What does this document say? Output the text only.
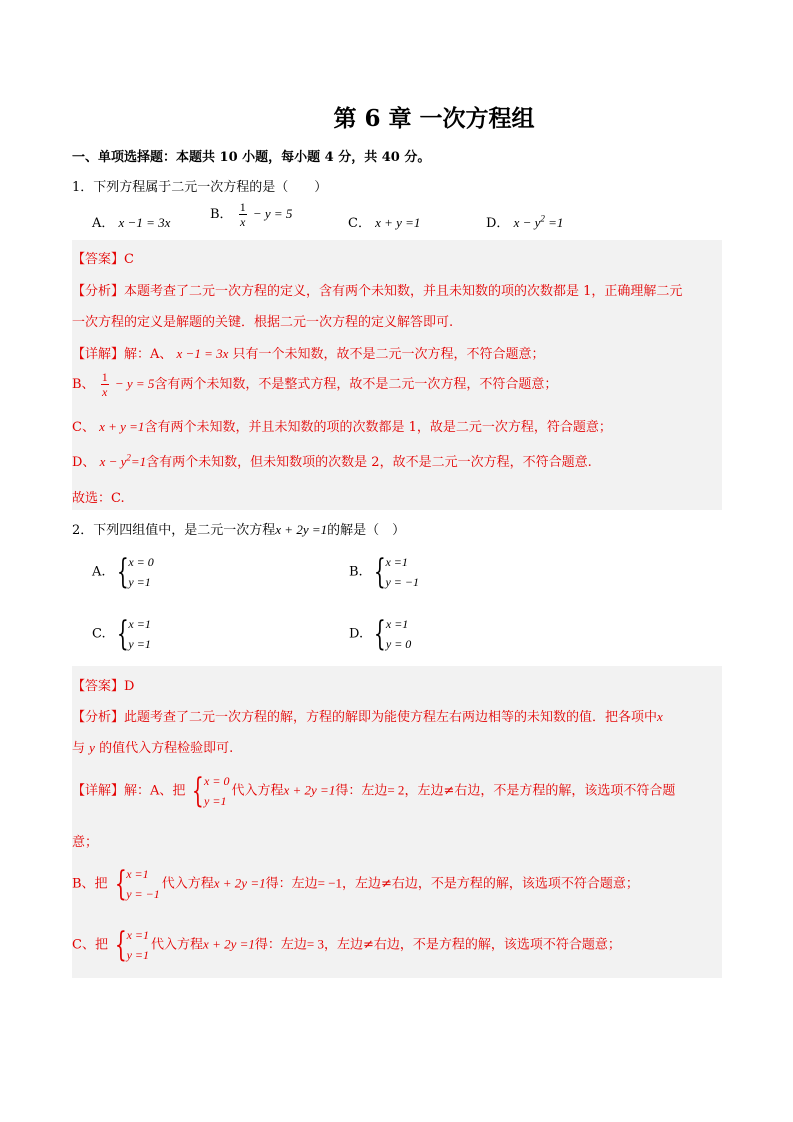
第 6 章 一次方程组
一、单项选择题：本题共 10 小题，每小题 4 分，共 40 分。
1．下列方程属于二元一次方程的是（　　）
A． x −1 = 3x
B． $\frac{1}{x} - y = 5$
C． x + y =1	D． $x - y^2 =1$
【答案】C
【分析】本题考查了二元一次方程的定义，含有两个未知数，并且未知数的项的次数都是 1，正确理解二元
一次方程的定义是解题的关键．根据二元一次方程的定义解答即可.
【详解】解：A、 x −1 = 3x 只有一个未知数，故不是二元一次方程，不符合题意；
B、 $\frac{1}{x} - y = 5$含有两个未知数，不是整式方程，故不是二元一次方程，不符合题意；
C、 x + y =1含有两个未知数，并且未知数的项的次数都是 1，故是二元一次方程，符合题意；
D、 $x - y^2=1$含有两个未知数，但未知数项的次数是 2，故不是二元一次方程，不符合题意.
故选：C.
2．下列四组值中，是二元一次方程x + 2y =1的解是（　）
A. { x = 0
y =1
B. { x =1
y = −1
C. { x =1
y =1
D. { x =1
y = 0
【答案】D
【分析】此题考查了二元一次方程的解，方程的解即为能使方程左右两边相等的未知数的值．把各项中x
与 y 的值代入方程检验即可.
【详解】解：A、把 { x = 0
y =1
代入方程x + 2y =1得：左边= 2，左边≠右边，不是方程的解，该选项不符合题
意；
B、把 { x =1
y = −1
代入方程x + 2y =1得：左边= −1，左边≠右边，不是方程的解，该选项不符合题意；
C、把 { x =1
y =1
代入方程x + 2y =1得：左边= 3，左边≠右边，不是方程的解，该选项不符合题意；
